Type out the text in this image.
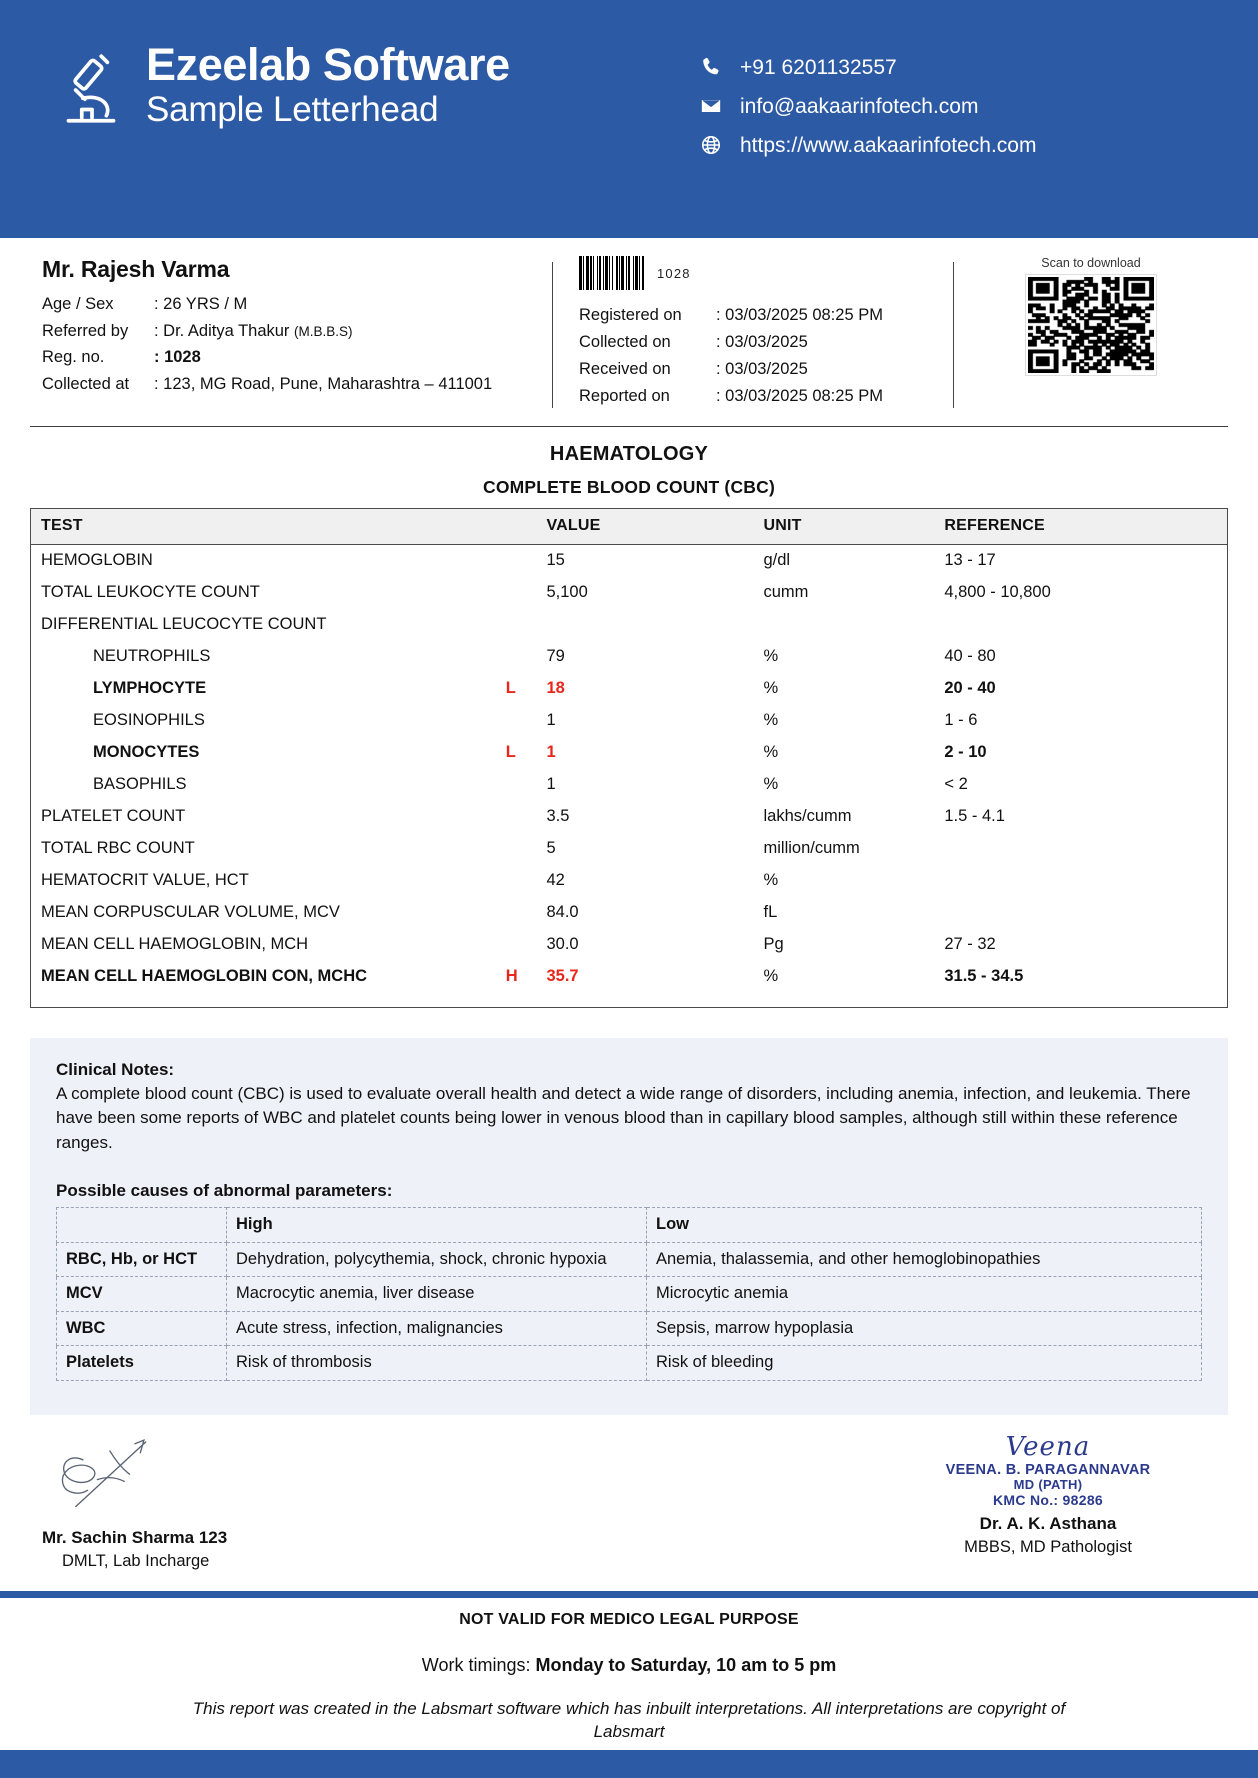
Ezeelab Software
Sample Letterhead
+91 6201132557
info@aakaarinfotech.com
https://www.aakaarinfotech.com
Mr. Rajesh Varma
Age / Sex	: 26 YRS / M
Referred by	: Dr. Aditya Thakur (M.B.B.S)
Reg. no.	: 1028
Collected at	: 123, MG Road, Pune, Maharashtra – 411001
1028
Registered on	: 03/03/2025 08:25 PM
Collected on	: 03/03/2025
Received on	: 03/03/2025
Reported on	: 03/03/2025 08:25 PM
Scan to download
HAEMATOLOGY
COMPLETE BLOOD COUNT (CBC)
TEST		VALUE	UNIT	REFERENCE
HEMOGLOBIN		15	g/dl	13 - 17
TOTAL LEUKOCYTE COUNT		5,100	cumm	4,800 - 10,800
DIFFERENTIAL LEUCOCYTE COUNT				
NEUTROPHILS		79	%	40 - 80
LYMPHOCYTE	L	18	%	20 - 40
EOSINOPHILS		1	%	1 - 6
MONOCYTES	L	1	%	2 - 10
BASOPHILS		1	%	< 2
PLATELET COUNT		3.5	lakhs/cumm	1.5 - 4.1
TOTAL RBC COUNT		5	million/cumm	
HEMATOCRIT VALUE, HCT		42	%	
MEAN CORPUSCULAR VOLUME, MCV		84.0	fL	
MEAN CELL HAEMOGLOBIN, MCH		30.0	Pg	27 - 32
MEAN CELL HAEMOGLOBIN CON, MCHC	H	35.7	%	31.5 - 34.5
Clinical Notes:
A complete blood count (CBC) is used to evaluate overall health and detect a wide range of disorders, including anemia, infection, and leukemia. There have been some reports of WBC and platelet counts being lower in venous blood than in capillary blood samples, although still within these reference ranges.
Possible causes of abnormal parameters:
	High	Low
RBC, Hb, or HCT	Dehydration, polycythemia, shock, chronic hypoxia	Anemia, thalassemia, and other hemoglobinopathies
MCV	Macrocytic anemia, liver disease	Microcytic anemia
WBC	Acute stress, infection, malignancies	Sepsis, marrow hypoplasia
Platelets	Risk of thrombosis	Risk of bleeding
Mr. Sachin Sharma 123
DMLT, Lab Incharge
Veena
VEENA. B. PARAGANNAVAR
MD (PATH)
KMC No.: 98286
Dr. A. K. Asthana
MBBS, MD Pathologist
NOT VALID FOR MEDICO LEGAL PURPOSE
Work timings: Monday to Saturday, 10 am to 5 pm
This report was created in the Labsmart software which has inbuilt interpretations. All interpretations are copyright of Labsmart
